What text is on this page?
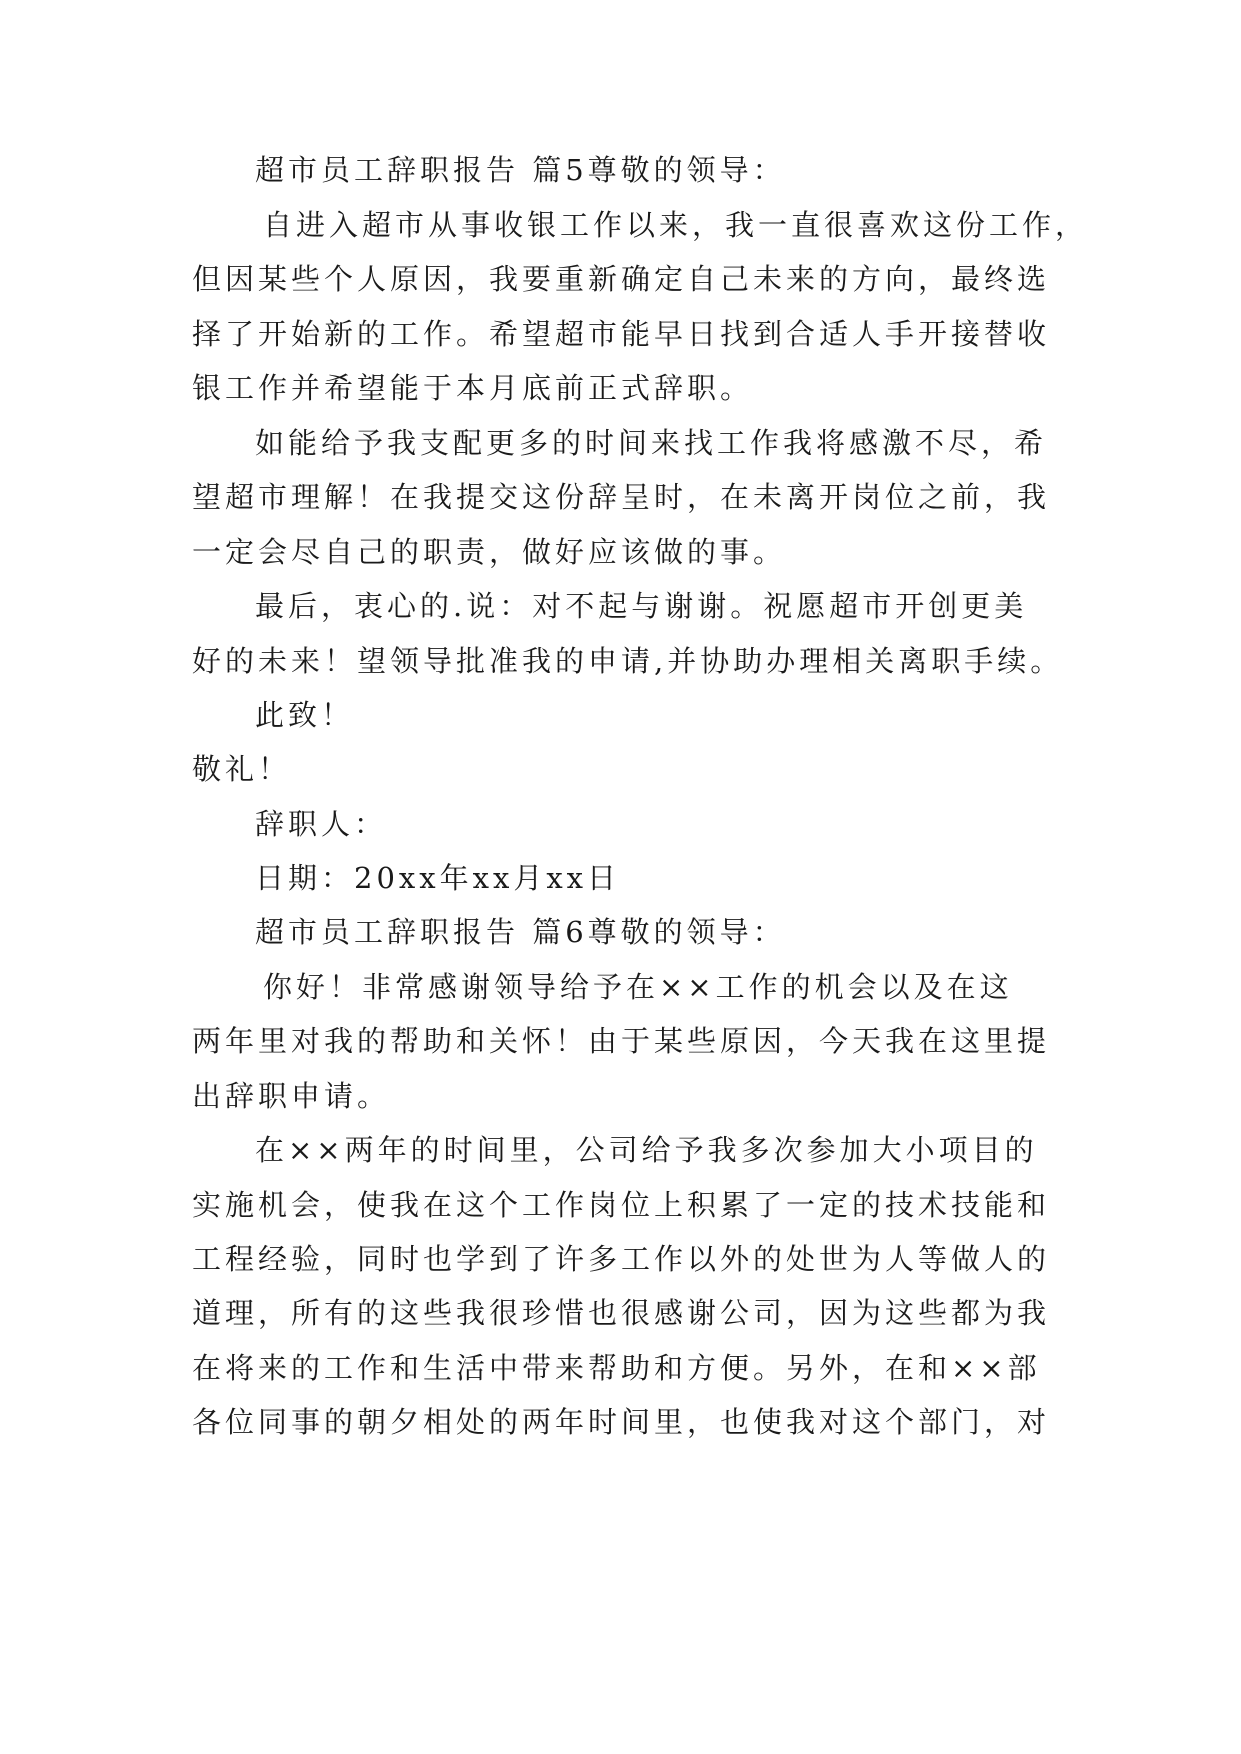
超市员工辞职报告 篇5尊敬的领导：
自进入超市从事收银工作以来，我一直很喜欢这份工作，
但因某些个人原因，我要重新确定自己未来的方向，最终选
择了开始新的工作。希望超市能早日找到合适人手开接替收
银工作并希望能于本月底前正式辞职。
如能给予我支配更多的时间来找工作我将感激不尽，希
望超市理解！在我提交这份辞呈时，在未离开岗位之前，我
一定会尽自己的职责，做好应该做的事。
最后，衷心的.说：对不起与谢谢。祝愿超市开创更美
好的未来！望领导批准我的申请,并协助办理相关离职手续。
此致！
敬礼！
辞职人：
日期：20xx年xx月xx日
超市员工辞职报告 篇6尊敬的领导：
你好！非常感谢领导给予在××工作的机会以及在这
两年里对我的帮助和关怀！由于某些原因，今天我在这里提
出辞职申请。
在××两年的时间里，公司给予我多次参加大小项目的
实施机会，使我在这个工作岗位上积累了一定的技术技能和
工程经验，同时也学到了许多工作以外的处世为人等做人的
道理，所有的这些我很珍惜也很感谢公司，因为这些都为我
在将来的工作和生活中带来帮助和方便。另外，在和××部
各位同事的朝夕相处的两年时间里，也使我对这个部门，对
